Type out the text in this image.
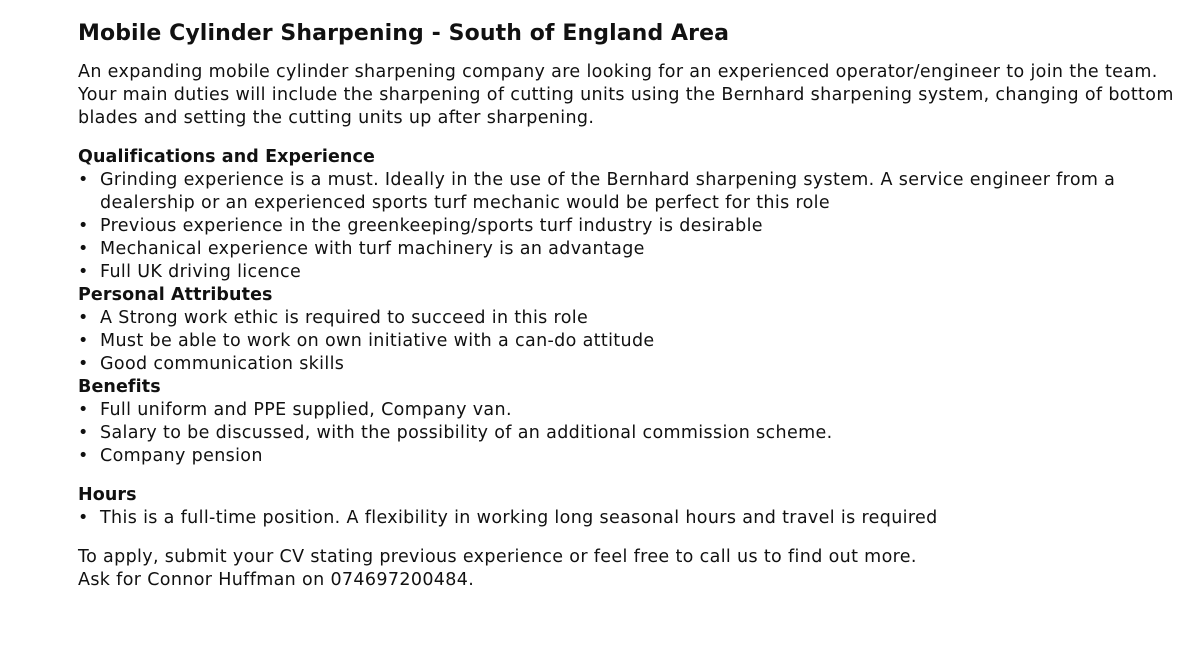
Mobile Cylinder Sharpening - South of England Area

An expanding mobile cylinder sharpening company are looking for an experienced operator/engineer to join the team. Your main duties will include the sharpening of cutting units using the Bernhard sharpening system, changing of bottom blades and setting the cutting units up after sharpening.

Qualifications and Experience
• Grinding experience is a must. Ideally in the use of the Bernhard sharpening system. A service engineer from a dealership or an experienced sports turf mechanic would be perfect for this role
• Previous experience in the greenkeeping/sports turf industry is desirable
• Mechanical experience with turf machinery is an advantage
• Full UK driving licence
Personal Attributes
• A Strong work ethic is required to succeed in this role
• Must be able to work on own initiative with a can-do attitude
• Good communication skills
Benefits
• Full uniform and PPE supplied, Company van.
• Salary to be discussed, with the possibility of an additional commission scheme.
• Company pension
Hours
• This is a full-time position. A flexibility in working long seasonal hours and travel is required

To apply, submit your CV stating previous experience or feel free to call us to find out more.

Ask for Connor Huffman on 074697200484.
